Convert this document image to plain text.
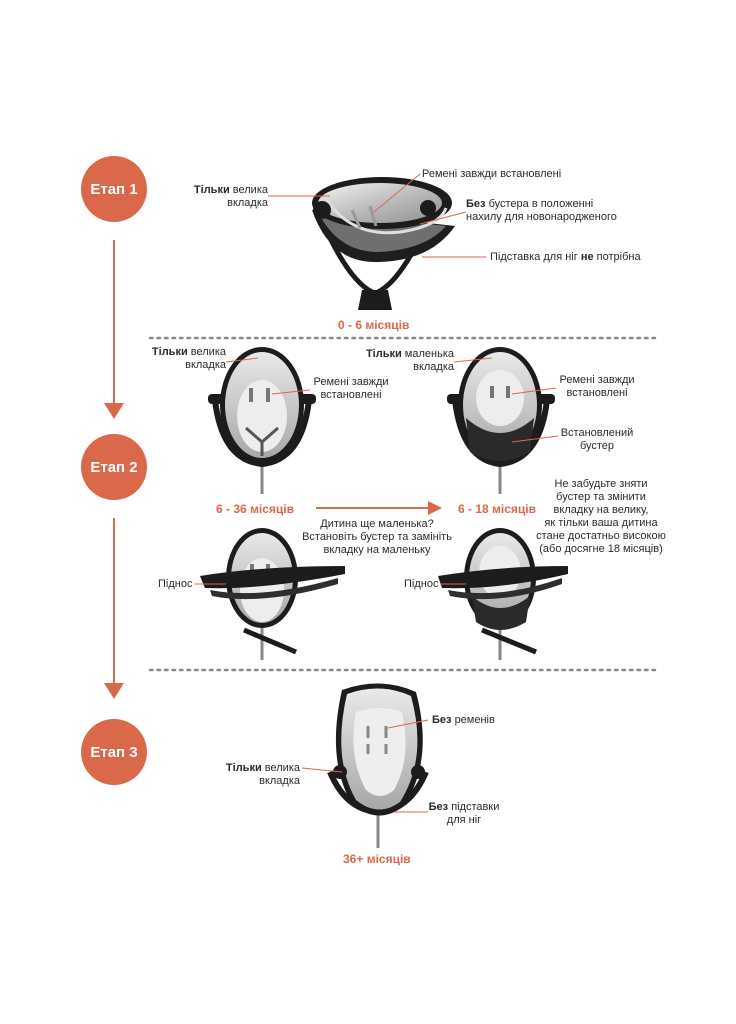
Етап 1
Етап 2
Етап 3
Тільки велика
вкладка
Ремені завжди встановлені
Без бустера в положенні
нахилу для новонародженого
Підставка для ніг не потрібна
0 - 6 місяців
Тільки велика
вкладка
Ремені завжди
встановлені
6 - 36 місяців
Тільки маленька
вкладка
Ремені завжди
встановлені
Встановлений
бустер
6 - 18 місяців
Дитина ще маленька?
Встановіть бустер та замініть
вкладку на маленьку
Не забудьте зняти
бустер та змінити
вкладку на велику,
як тільки ваша дитина
стане достатньо високою
(або досягне 18 місяців)
Піднос	Піднос
Без ременів
Тільки велика
вкладка
Без підставки
для ніг
36+ місяців
